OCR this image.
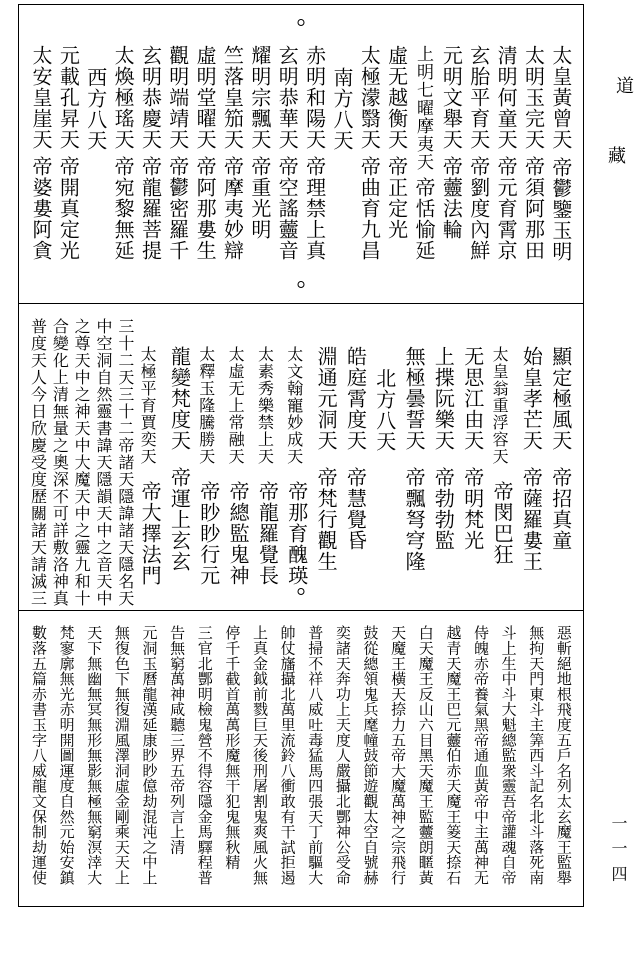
太皇黃曾天
帝鬱鑒玉明
太明玉完天
帝須阿那田
清明何童天
帝元育霄京
玄胎平育天
帝劉度內鮮
元明文舉天
帝䖅法輪
上明七曜摩夷天
帝恬愉延
虛无越衡天
帝正定光
太極濛翳天
帝曲育九昌
南方八天
赤明和陽天
帝理禁上真
玄明恭華天
帝空謠䖅音
耀明宗飄天
帝重光明
竺落皇笳天
帝摩夷妙辯
虛明堂曜天
帝阿那婁生
觀明端靖天
帝鬱密羅千
玄明恭慶天
帝龍羅菩提
太煥極瑤天
帝宛黎無延
西方八天
元載孔昇天
帝開真定光
太安皇崖天
帝婆婁阿貪
顯定極風天
帝招真童
始皇孝芒天
帝薩羅婁王
太皇翁重浮容天
帝閔巴狂
无思江由天
帝明梵光
上揲阮樂天
帝勃勃監
無極曇誓天
帝飄弩穹隆
北方八天
皓庭霄度天
帝慧覺昏
淵通元洞天
帝梵行觀生
太文翰寵妙成天
帝那育醜瑛
太素秀樂禁上天
帝龍羅覺長
太虛无上常融天
帝總監鬼神
太釋玉隆騰勝天
帝眇眇行元
龍變梵度天
帝運上玄玄
太極平育賈奕天
帝大擇法門
三十二天三十二帝諸天隱諱諸天隱名天
中空洞自然靈書諱天隱韻天中之音天中
之尊天中之神天中大魔天中之靈九和十
合變化上清無量之奧深不可詳敷洛神真
普度天人今日欣慶受度歷關諸天請滅三
惡斬絕地根飛度五戶名列太玄魔王監舉
無拘天門東斗主筭西斗記名北斗落死南
斗上生中斗大魁總監衆靈吾帝讙魂自帝
侍魄赤帝養氣黑帝通血黃帝中主萬神无
越青天魔王巴元䖅伯赤天魔王䈊天捺石
白天魔王反山六目黑天魔王監䖅朗䁥黃
天魔王橫天捺力五帝大魔萬神之宗飛行
鼓從總領鬼兵麾幢鼓節遊觀太空自號赫
奕諸天奔功上天度人嚴攝北酆神公受命
普掃不祥八威吐毒猛馬四張天丁前驅大
帥仗旛攝北萬里流鈴八衝敢有干試拒遏
上真金鉞前戮巨天後刑屠割鬼爽風火無
停千千截首萬萬形魔無干犯鬼無秋精
三官北酆明檢鬼營不得容隱金馬驛程普
告無窮萬神咸聽三界五帝列言上清
元洞玉曆龍漢延康眇眇億劫混沌之中上
無復色下無復淵風澤洞虛金剛乘天天上
天下無幽無冥無形無影無極無窮溟涬大
梵寥廓無光赤明開圖運度自然元始安鎮
數落五篇赤書玉字八威龍文保制劫運使
道
藏
一 一 四
